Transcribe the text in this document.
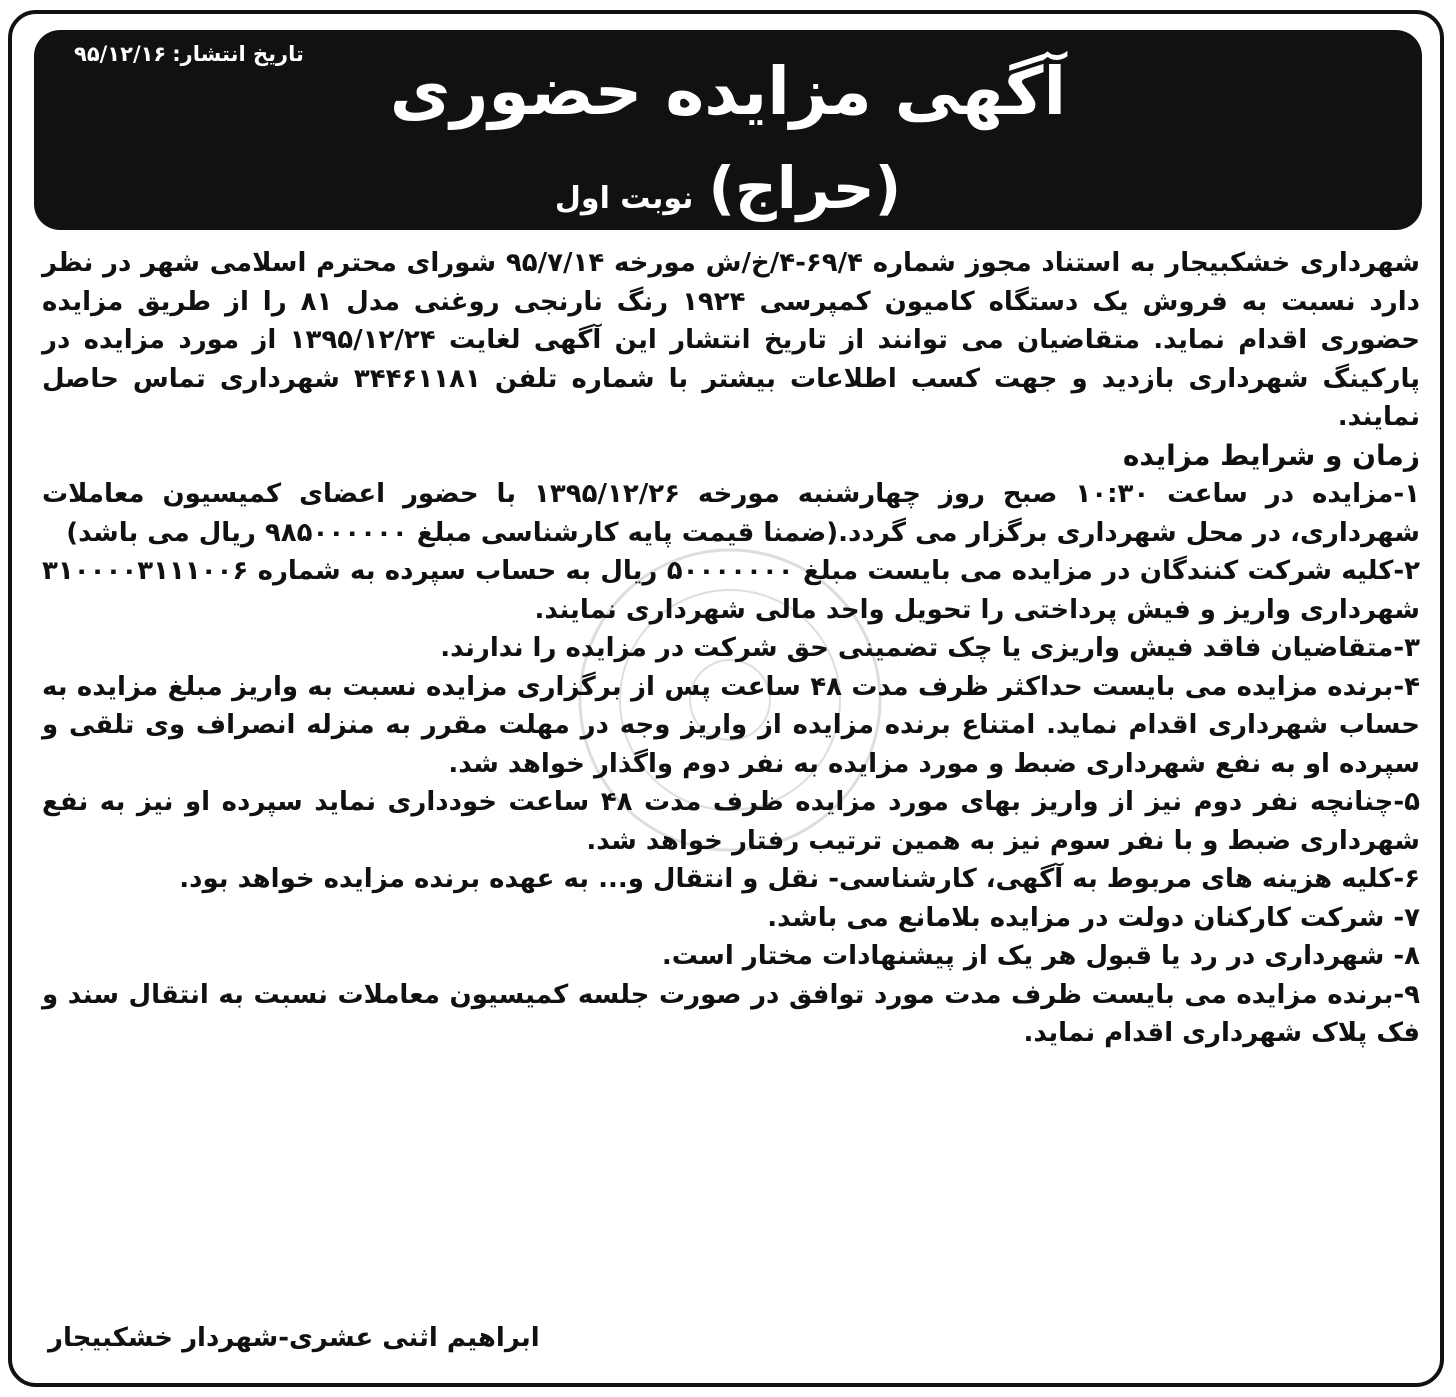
تاریخ انتشار:۹۵/۱۲/۱۶	آگهی مزایده حضوری
(حراج) نوبت اول

شهرداری خشکبیجار به استناد مجوز شماره ۶۹/۴-۴/خ/ش مورخه ۹۵/۷/۱۴ شورای محترم اسلامی شهر در نظر دارد نسبت به فروش یک دستگاه کامیون کمپرسی ۱۹۲۴ رنگ نارنجی روغنی مدل ۸۱ را از طریق مزایده حضوری اقدام نماید. متقاضیان می توانند از تاریخ انتشار این آگهی لغایت ۱۳۹۵/۱۲/۲۴ از مورد مزایده در پارکینگ شهرداری بازدید و جهت کسب اطلاعات بیشتر با شماره تلفن ۳۴۴۶۱۱۸۱ شهرداری تماس حاصل نمایند.

زمان و شرایط مزایده

۱-مزایده در ساعت ۱۰:۳۰ صبح روز چهارشنبه مورخه ۱۳۹۵/۱۲/۲۶ با حضور اعضای کمیسیون معاملات شهرداری، در محل شهرداری برگزار می گردد.(ضمنا قیمت پایه کارشناسی مبلغ ۹۸۵۰۰۰۰۰۰ ریال می باشد)

۲-کلیه شرکت کنندگان در مزایده می بایست مبلغ ۵۰۰۰۰۰۰۰ ریال به حساب سپرده به شماره ۳۱۰۰۰۰۳۱۱۱۰۰۶ شهرداری واریز و فیش پرداختی را تحویل واحد مالی شهرداری نمایند.

۳-متقاضیان فاقد فیش واریزی یا چک تضمینی حق شرکت در مزایده را ندارند.

۴-برنده مزایده می بایست حداکثر ظرف مدت ۴۸ ساعت پس از برگزاری مزایده نسبت به واریز مبلغ مزایده به حساب شهرداری اقدام نماید. امتناع برنده مزایده از واریز وجه در مهلت مقرر به منزله انصراف وی تلقی و سپرده او به نفع شهرداری ضبط و مورد مزایده به نفر دوم واگذار خواهد شد.

۵-چنانچه نفر دوم نیز از واریز بهای مورد مزایده ظرف مدت ۴۸ ساعت خودداری نماید سپرده او نیز به نفع شهرداری ضبط و با نفر سوم نیز به همین ترتیب رفتار خواهد شد.

۶-کلیه هزینه های مربوط به آگهی، کارشناسی- نقل و انتقال و... به عهده برنده مزایده خواهد بود.

۷- شرکت کارکنان دولت در مزایده بلامانع می باشد.

۸- شهرداری در رد یا قبول هر یک از پیشنهادات مختار است.

۹-برنده مزایده می بایست ظرف مدت مورد توافق در صورت جلسه کمیسیون معاملات نسبت به انتقال سند و فک پلاک شهرداری اقدام نماید.

ابراهیم اثنی عشری-شهردار خشکبیجار
